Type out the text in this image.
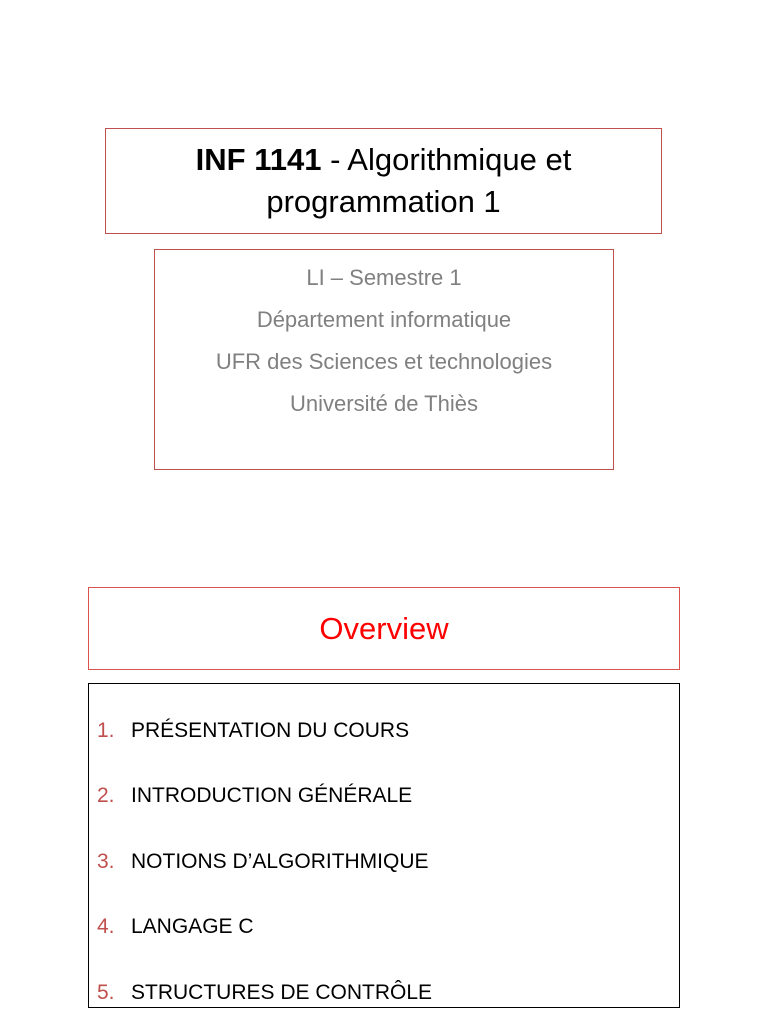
INF 1141 - Algorithmique et
programmation 1
LI – Semestre 1
Département informatique
UFR des Sciences et technologies
Université de Thiès
Overview
1. PRÉSENTATION DU COURS
2. INTRODUCTION GÉNÉRALE
3. NOTIONS D’ALGORITHMIQUE
4. LANGAGE C
5. STRUCTURES DE CONTRÔLE
